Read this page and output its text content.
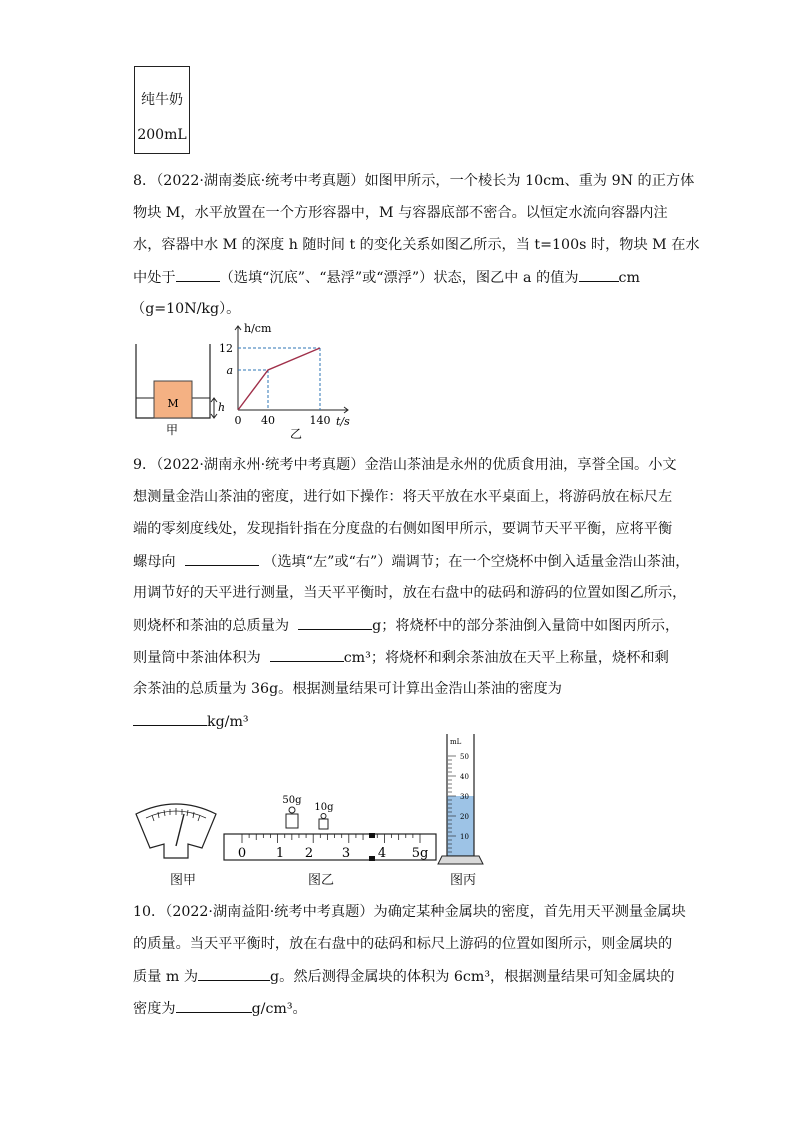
纯牛奶
200mL
8．（2022·湖南娄底·统考中考真题）如图甲所示，一个棱长为 10cm、重为 9N 的正方体
物块 M，水平放置在一个方形容器中，M 与容器底部不密合。以恒定水流向容器内注
水，容器中水 M 的深度 h 随时间 t 的变化关系如图乙所示，当 t=100s 时，物块 M 在水
中处于	（选填“沉底”、“悬浮”或“漂浮”）状态，图乙中 a 的值为	cm
（g=10N/kg）。
M	h
甲
h/cm
t/s
12
a
0 40	140
乙
9．（2022·湖南永州·统考中考真题）金浩山茶油是永州的优质食用油，享誉全国。小文
想测量金浩山茶油的密度，进行如下操作：将天平放在水平桌面上，将游码放在标尺左
端的零刻度线处，发现指针指在分度盘的右侧如图甲所示，要调节天平平衡，应将平衡
螺母向	（选填“左”或“右”）端调节；在一个空烧杯中倒入适量金浩山茶油，
用调节好的天平进行测量，当天平平衡时，放在右盘中的砝码和游码的位置如图乙所示，
则烧杯和茶油的总质量为	g；将烧杯中的部分茶油倒入量筒中如图丙所示，
则量筒中茶油体积为	cm³；将烧杯和剩余茶油放在天平上称量，烧杯和剩
余茶油的总质量为 36g。根据测量结果可计算出金浩山茶油的密度为
kg/m³
图甲
50g
10g
0 1 2 3 4 5g
图乙
mL
50
40
30
20
10
图丙
10．（2022·湖南益阳·统考中考真题）为确定某种金属块的密度，首先用天平测量金属块
的质量。当天平平衡时，放在右盘中的砝码和标尺上游码的位置如图所示，则金属块的
质量 m 为	g。然后测得金属块的体积为 6cm³，根据测量结果可知金属块的
密度为	g/cm³。
